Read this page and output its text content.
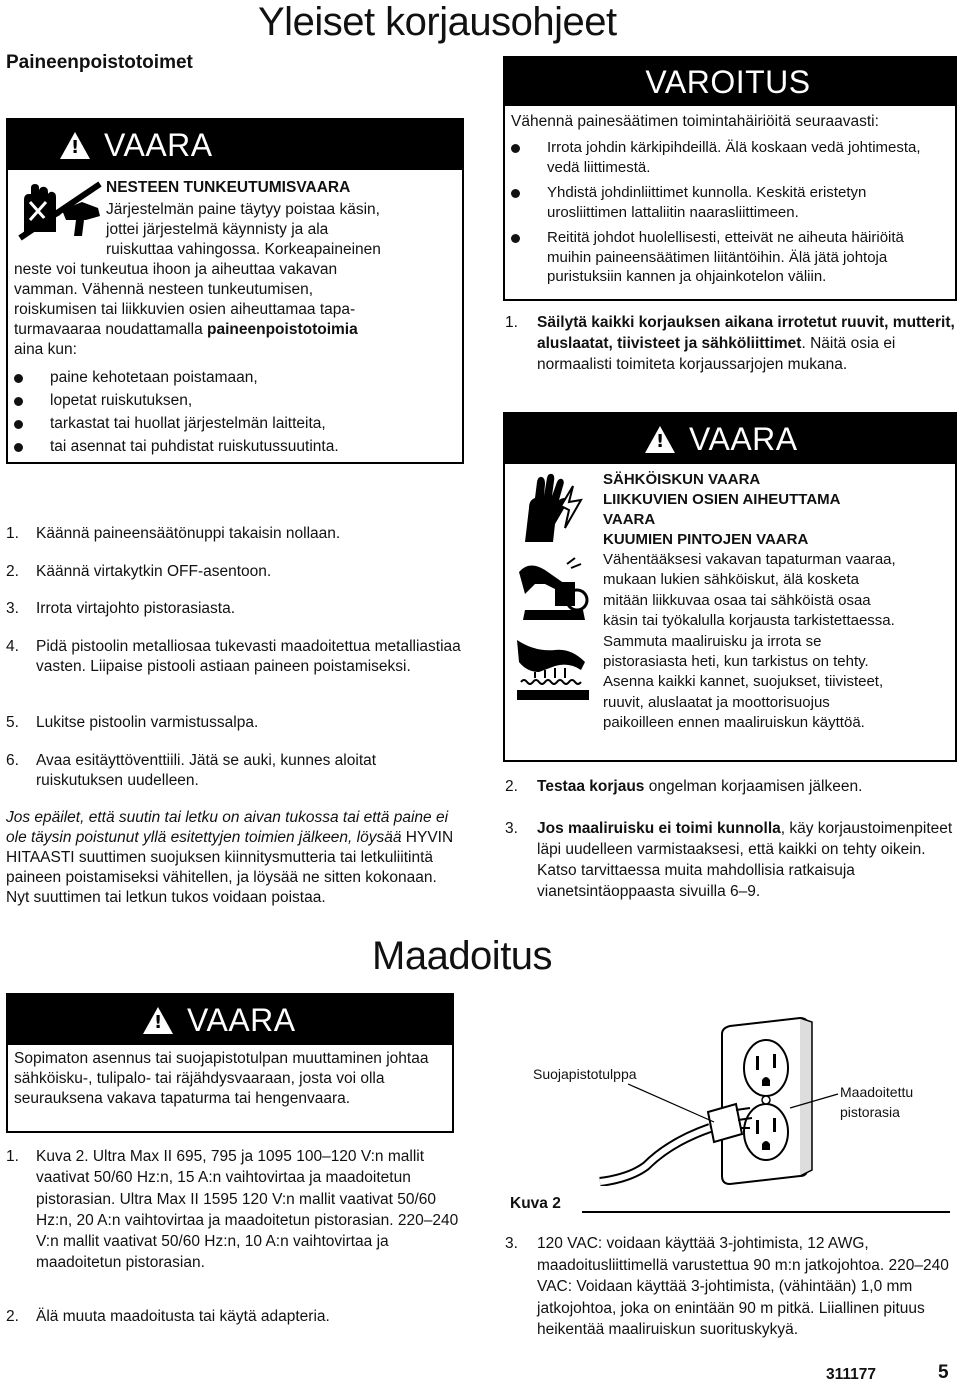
Yleiset korjausohjeet
Paineenpoistotoimet
!
VAARA
NESTEEN TUNKEUTUMISVAARA
Järjestelmän paine täytyy poistaa käsin,
jottei järjestelmä käynnisty ja ala
ruiskuttaa vahingossa. Korkeapaineinen
neste voi tunkeutua ihoon ja aiheuttaa vakavan
vamman. Vähennä nesteen tunkeutumisen,
roiskumisen tai liikkuvien osien aiheuttamaa tapa-
turmavaaraa noudattamalla paineenpoistotoimia
aina kun:
paine kehotetaan poistamaan,
lopetat ruiskutuksen,
tarkastat tai huollat järjestelmän laitteita,
tai asennat tai puhdistat ruiskutussuutinta.
1.	Käännä paineensäätönuppi takaisin nollaan.
2.	Käännä virtakytkin OFF-asentoon.
3.	Irrota virtajohto pistorasiasta.
4.	Pidä pistoolin metalliosaa tukevasti maadoitettua metalliastiaa vasten. Liipaise pistooli astiaan paineen poistamiseksi.
5.	Lukitse pistoolin varmistussalpa.
6.	Avaa esitäyttöventtiili. Jätä se auki, kunnes aloitat ruiskutuksen uudelleen.
Jos epäilet, että suutin tai letku on aivan tukossa tai että paine ei ole täysin poistunut yllä esitettyjen toimien jälkeen, löysää HYVIN HITAASTI suuttimen suojuksen kiinnitysmutteria tai letkuliitintä paineen poistamiseksi vähitellen, ja löysää ne sitten kokonaan. Nyt suuttimen tai letkun tukos voidaan poistaa.
!
VAARA
Sopimaton asennus tai suojapistotulpan muuttaminen johtaa sähköisku-, tulipalo- tai räjähdysvaaraan, josta voi olla seurauksena vakava tapaturma tai hengenvaara.
1.	Kuva 2. Ultra Max II 695, 795 ja 1095 100–120 V:n mallit vaativat 50/60 Hz:n, 15 A:n vaihtovirtaa ja maadoitetun pistorasian. Ultra Max II 1595 120 V:n mallit vaativat 50/60 Hz:n, 20 A:n vaihtovirtaa ja maadoitetun pistorasian. 220–240 V:n mallit vaativat 50/60 Hz:n, 10 A:n vaihtovirtaa ja maadoitetun pistorasian.
2.	Älä muuta maadoitusta tai käytä adapteria.
VAROITUS
Vähennä painesäätimen toimintahäiriöitä seuraavasti:
Irrota johdin kärkipihdeillä. Älä koskaan vedä johtimesta, vedä liittimestä.
Yhdistä johdinliittimet kunnolla. Keskitä eristetyn urosliittimen lattaliitin naarasliittimeen.
Reititä johdot huolellisesti, etteivät ne aiheuta häiriöitä muihin paineensäätimen liitäntöihin. Älä jätä johtoja puristuksiin kannen ja ohjainkotelon väliin.
1.	Säilytä kaikki korjauksen aikana irrotetut ruuvit, mutterit, aluslaatat, tiivisteet ja sähköliittimet. Näitä osia ei normaalisti toimiteta korjaussarjojen mukana.
!
VAARA
SÄHKÖISKUN VAARA
LIIKKUVIEN OSIEN AIHEUTTAMA
VAARA
KUUMIEN PINTOJEN VAARA
Vähentääksesi vakavan tapaturman vaaraa, mukaan lukien sähköiskut, älä kosketa mitään liikkuvaa osaa tai sähköistä osaa käsin tai työkalulla korjausta tarkistettaessa. Sammuta maaliruisku ja irrota se pistorasiasta heti, kun tarkistus on tehty. Asenna kaikki kannet, suojukset, tiivisteet, ruuvit, aluslaatat ja moottorisuojus paikoilleen ennen maaliruiskun käyttöä.
2.	Testaa korjaus ongelman korjaamisen jälkeen.
3.	Jos maaliruisku ei toimi kunnolla, käy korjaustoimenpiteet läpi uudelleen varmistaaksesi, että kaikki on tehty oikein. Katso tarvittaessa muita mahdollisia ratkaisuja vianetsintäoppaasta sivuilla 6–9.
Maadoitus
Suojapistotulppa
Maadoitettu
pistorasia
Kuva 2
3.	120 VAC: voidaan käyttää 3-johtimista, 12 AWG, maadoitusliittimellä varustettua 90 m:n jatkojohtoa. 220–240 VAC: Voidaan käyttää 3-johtimista, (vähintään) 1,0 mm jatkojohtoa, joka on enintään 90 m pitkä. Liiallinen pituus heikentää maaliruiskun suorituskykyä.
311177	5
